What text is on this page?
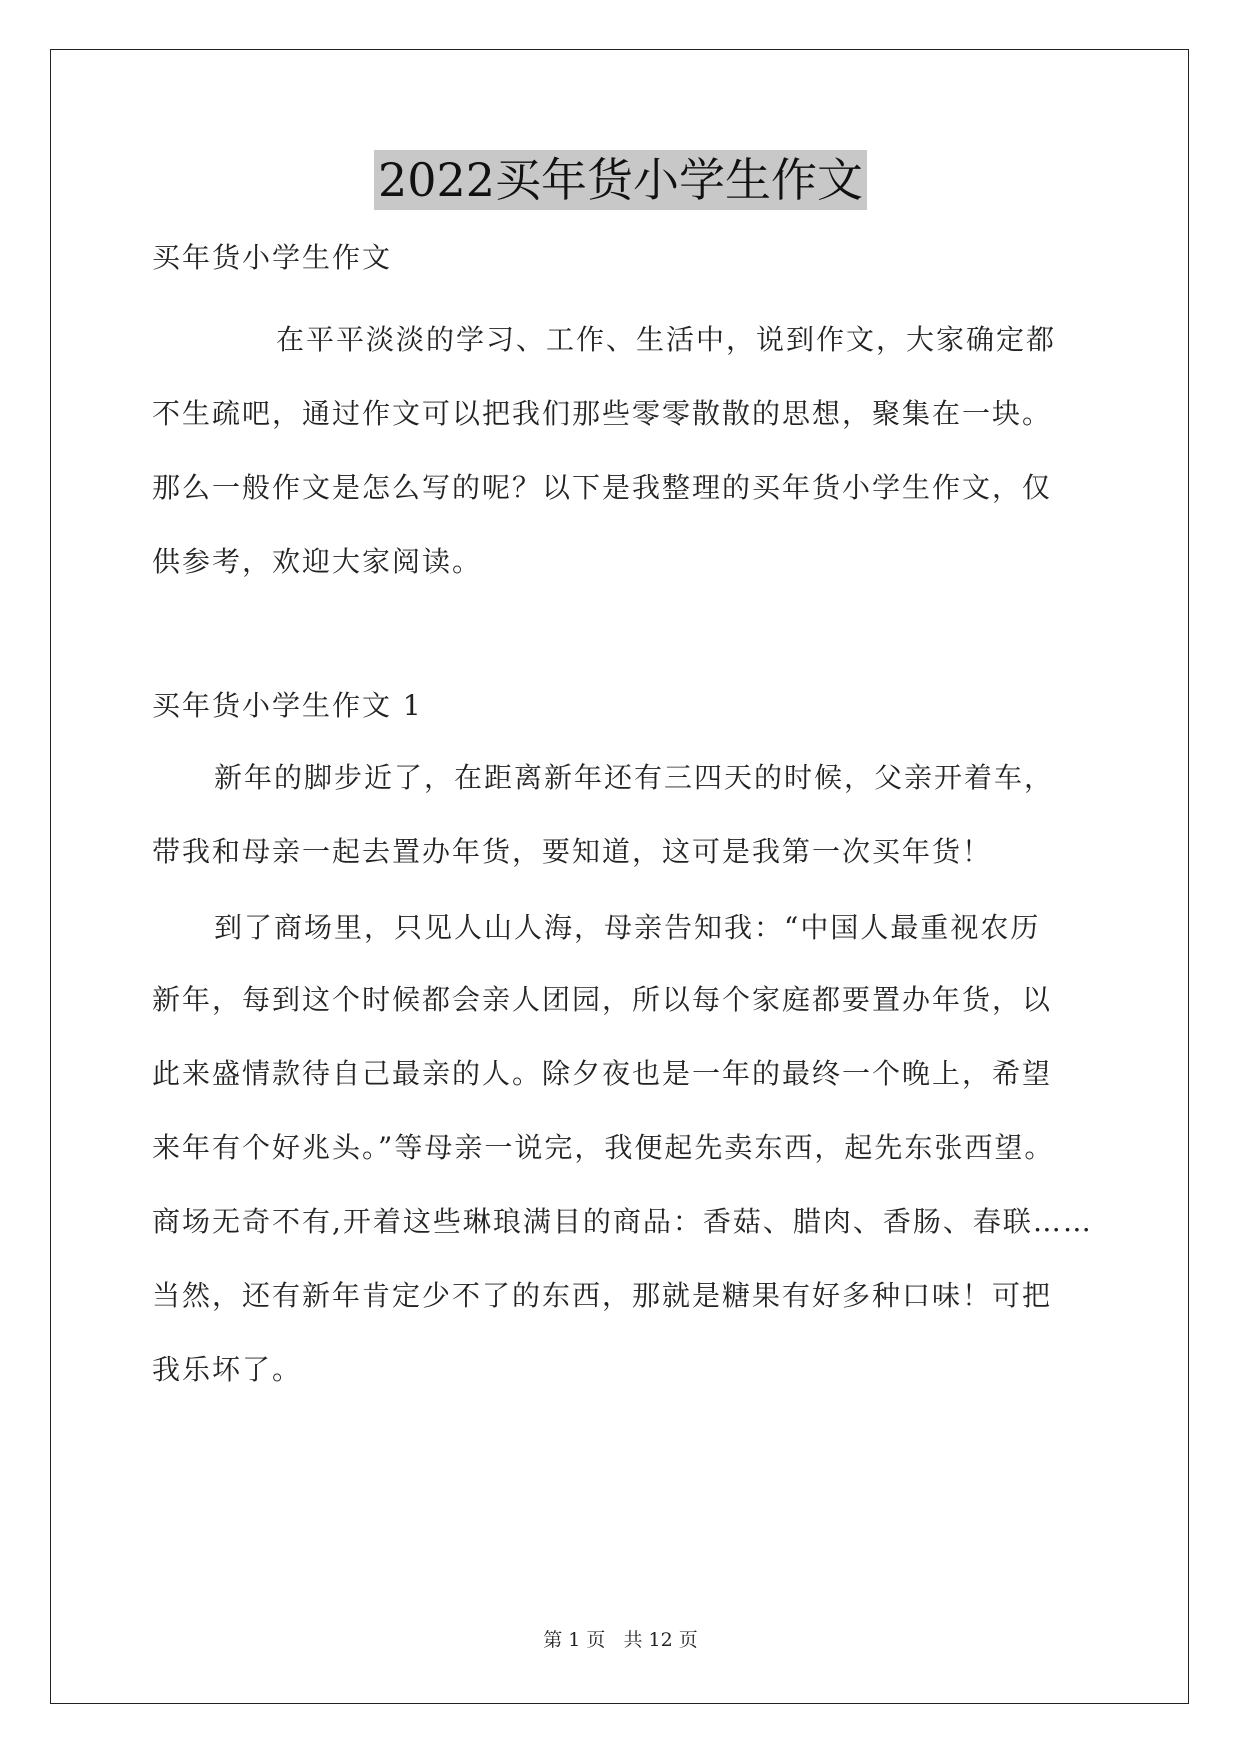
2022买年货小学生作文
买年货小学生作文
在平平淡淡的学习、工作、生活中，说到作文，大家确定都
不生疏吧，通过作文可以把我们那些零零散散的思想，聚集在一块。
那么一般作文是怎么写的呢？以下是我整理的买年货小学生作文，仅
供参考，欢迎大家阅读。
买年货小学生作文 1
新年的脚步近了，在距离新年还有三四天的时候，父亲开着车，
带我和母亲一起去置办年货，要知道，这可是我第一次买年货！
到了商场里，只见人山人海，母亲告知我：“中国人最重视农历
新年，每到这个时候都会亲人团园，所以每个家庭都要置办年货，以
此来盛情款待自己最亲的人。除夕夜也是一年的最终一个晚上，希望
来年有个好兆头。”等母亲一说完，我便起先卖东西，起先东张西望。
商场无奇不有,开着这些琳琅满目的商品：香菇、腊肉、香肠、春联……
当然，还有新年肯定少不了的东西，那就是糖果有好多种口味！可把
我乐坏了。
第 1 页 共 12 页
